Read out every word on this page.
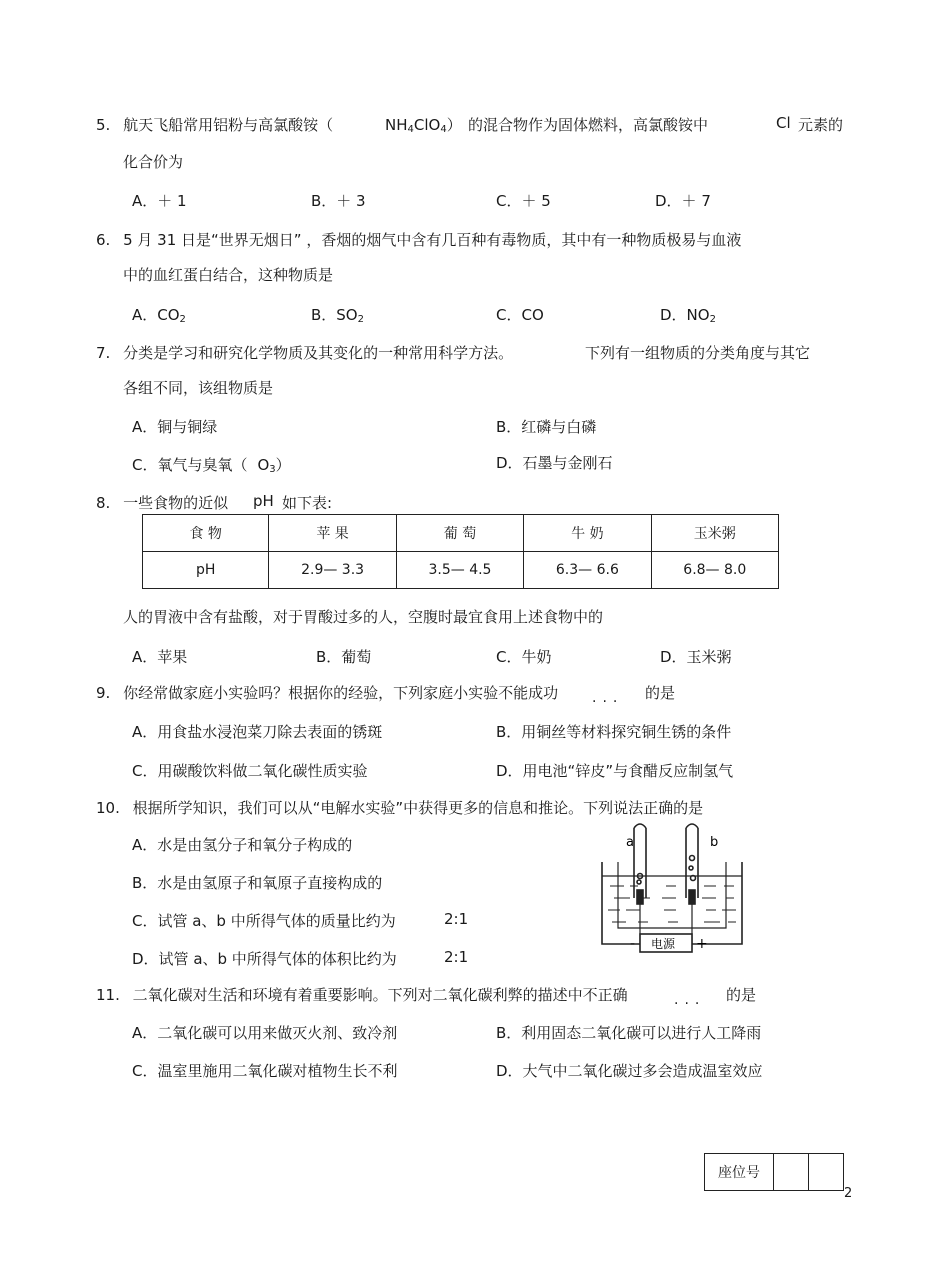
5. 航天飞船常用铝粉与高氯酸铵（	$NH_4ClO_4$） 的混合物作为固体燃料，高氯酸铵中	Cl 元素的
化合价为
A．＋ 1	B．＋ 3	C．＋ 5	D．＋ 7
6. 5 月 31 日是“世界无烟日” ，香烟的烟气中含有几百种有毒物质，其中有一种物质极易与血液
中的血红蛋白结合，这种物质是
A．$CO_2$	B．$SO_2$	C．CO	D．$NO_2$
7. 分类是学习和研究化学物质及其变化的一种常用科学方法。	下列有一组物质的分类角度与其它
各组不同，该组物质是
A．铜与铜绿	B．红磷与白磷
C．氧气与臭氧（ $O_3$）	D．石墨与金刚石
8. 一些食物的近似 pH 如下表:
食 物	苹 果	葡 萄	牛 奶	玉米粥
pH	2.9— 3.3	3.5— 4.5	6.3— 6.6	6.8— 8.0
人的胃液中含有盐酸，对于胃酸过多的人，空腹时最宜食用上述食物中的
A．苹果	B．葡萄	C．牛奶	D．玉米粥
9. 你经常做家庭小实验吗？根据你的经验，下列家庭小实验不能成功 ... 的是
A．用食盐水浸泡菜刀除去表面的锈斑	B．用铜丝等材料探究铜生锈的条件
C．用碳酸饮料做二氧化碳性质实验	D．用电池“锌皮”与食醋反应制氢气
10. 根据所学知识，我们可以从“电解水实验”中获得更多的信息和推论。下列说法正确的是
A．水是由氢分子和氧分子构成的
B．水是由氢原子和氧原子直接构成的
C．试管 a、b 中所得气体的质量比约为	2:1
D．试管 a、b 中所得气体的体积比约为	2:1
a	b
电源
-	+
11. 二氧化碳对生活和环境有着重要影响。下列对二氧化碳利弊的描述中不正确	... 的是
A．二氧化碳可以用来做灭火剂、致冷剂	B．利用固态二氧化碳可以进行人工降雨
C．温室里施用二氧化碳对植物生长不利	D．大气中二氧化碳过多会造成温室效应
座位号
2
